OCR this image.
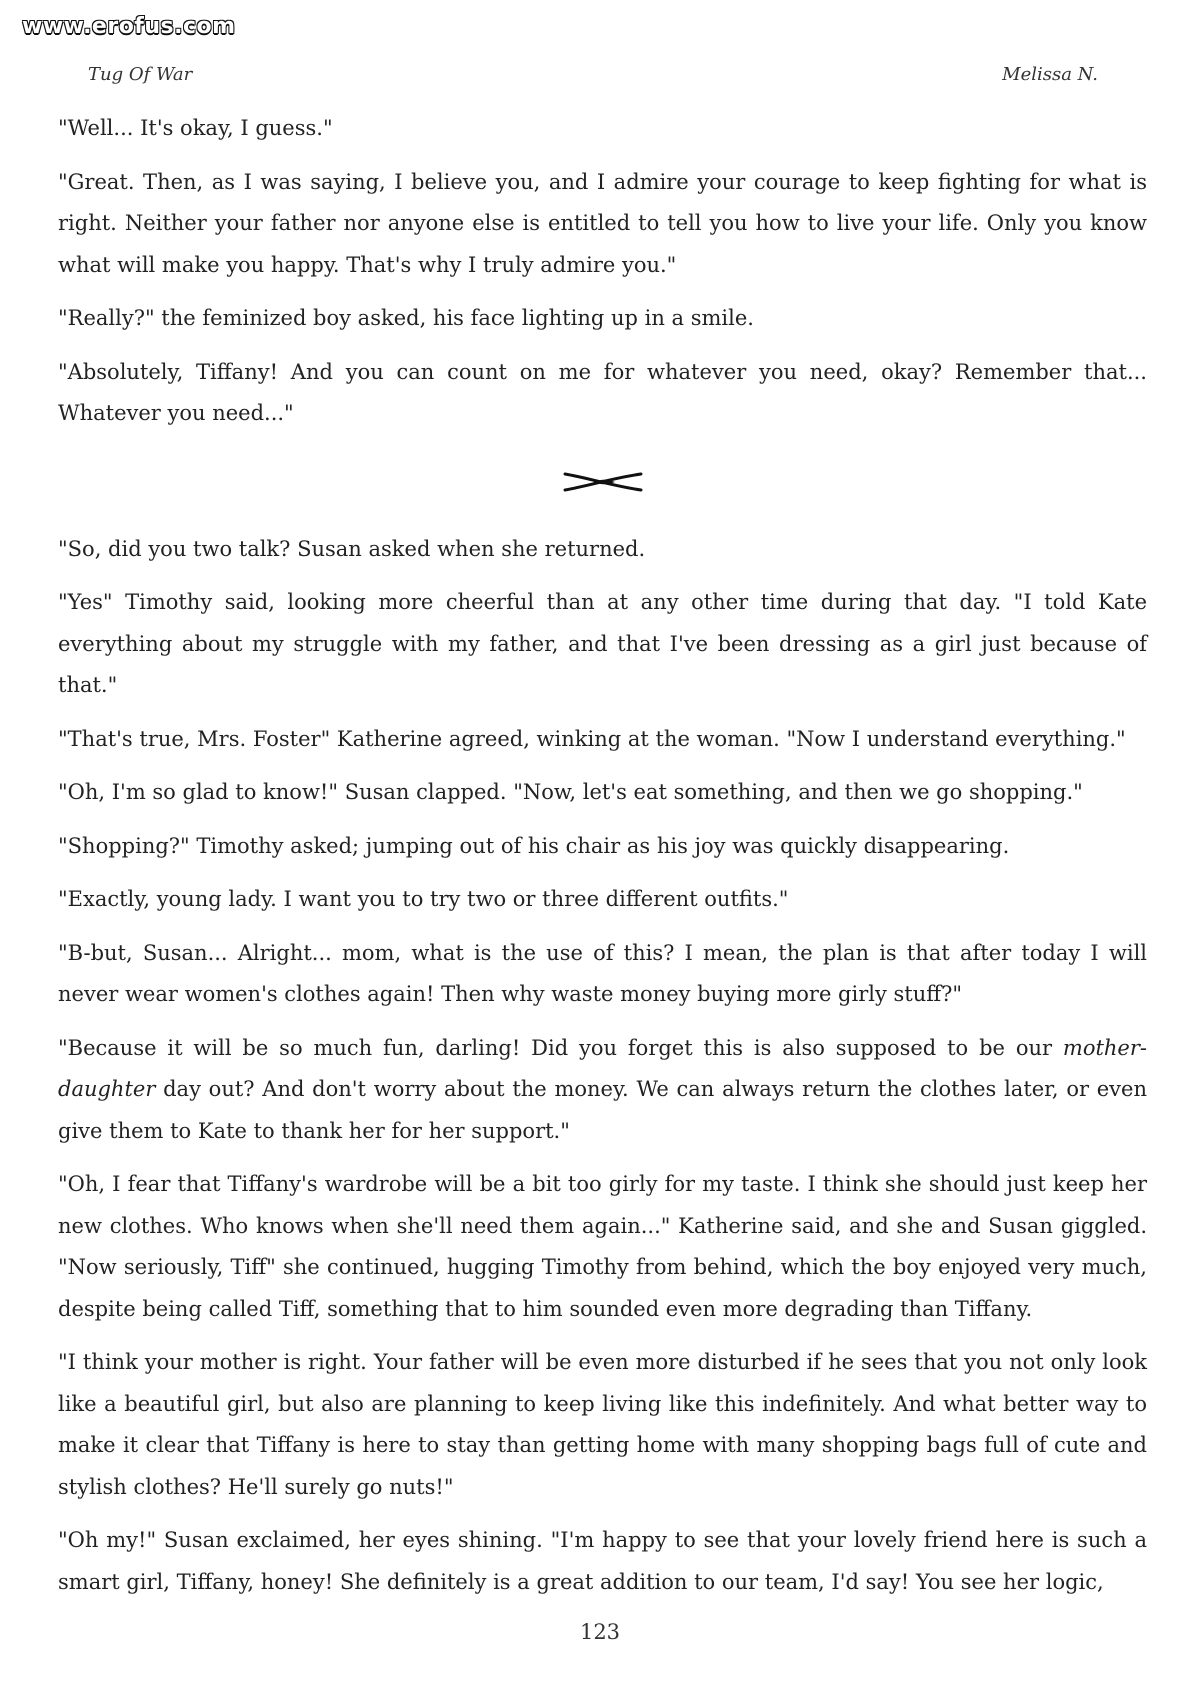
www.erofus.com
Tug Of War	Melissa N.

"Well... It's okay, I guess."

"Great. Then, as I was saying, I believe you, and I admire your courage to keep fighting for what is right. Neither your father nor anyone else is entitled to tell you how to live your life. Only you know what will make you happy. That's why I truly admire you."

"Really?" the feminized boy asked, his face lighting up in a smile.

"Absolutely, Tiffany! And you can count on me for whatever you need, okay? Remember that... Whatever you need..."

"So, did you two talk? Susan asked when she returned.

"Yes" Timothy said, looking more cheerful than at any other time during that day. "I told Kate everything about my struggle with my father, and that I've been dressing as a girl just because of that."

"That's true, Mrs. Foster" Katherine agreed, winking at the woman. "Now I understand everything."

"Oh, I'm so glad to know!" Susan clapped. "Now, let's eat something, and then we go shopping."

"Shopping?" Timothy asked; jumping out of his chair as his joy was quickly disappearing.

"Exactly, young lady. I want you to try two or three different outfits."

"B-but, Susan... Alright... mom, what is the use of this? I mean, the plan is that after today I will never wear women's clothes again! Then why waste money buying more girly stuff?"

"Because it will be so much fun, darling! Did you forget this is also supposed to be our mother-daughter day out? And don't worry about the money. We can always return the clothes later, or even give them to Kate to thank her for her support."

"Oh, I fear that Tiffany's wardrobe will be a bit too girly for my taste. I think she should just keep her new clothes. Who knows when she'll need them again..." Katherine said, and she and Susan giggled. "Now seriously, Tiff" she continued, hugging Timothy from behind, which the boy enjoyed very much, despite being called Tiff, something that to him sounded even more degrading than Tiffany.

"I think your mother is right. Your father will be even more disturbed if he sees that you not only look like a beautiful girl, but also are planning to keep living like this indefinitely. And what better way to make it clear that Tiffany is here to stay than getting home with many shopping bags full of cute and stylish clothes? He'll surely go nuts!"

"Oh my!" Susan exclaimed, her eyes shining. "I'm happy to see that your lovely friend here is such a smart girl, Tiffany, honey! She definitely is a great addition to our team, I'd say! You see her logic,

123
